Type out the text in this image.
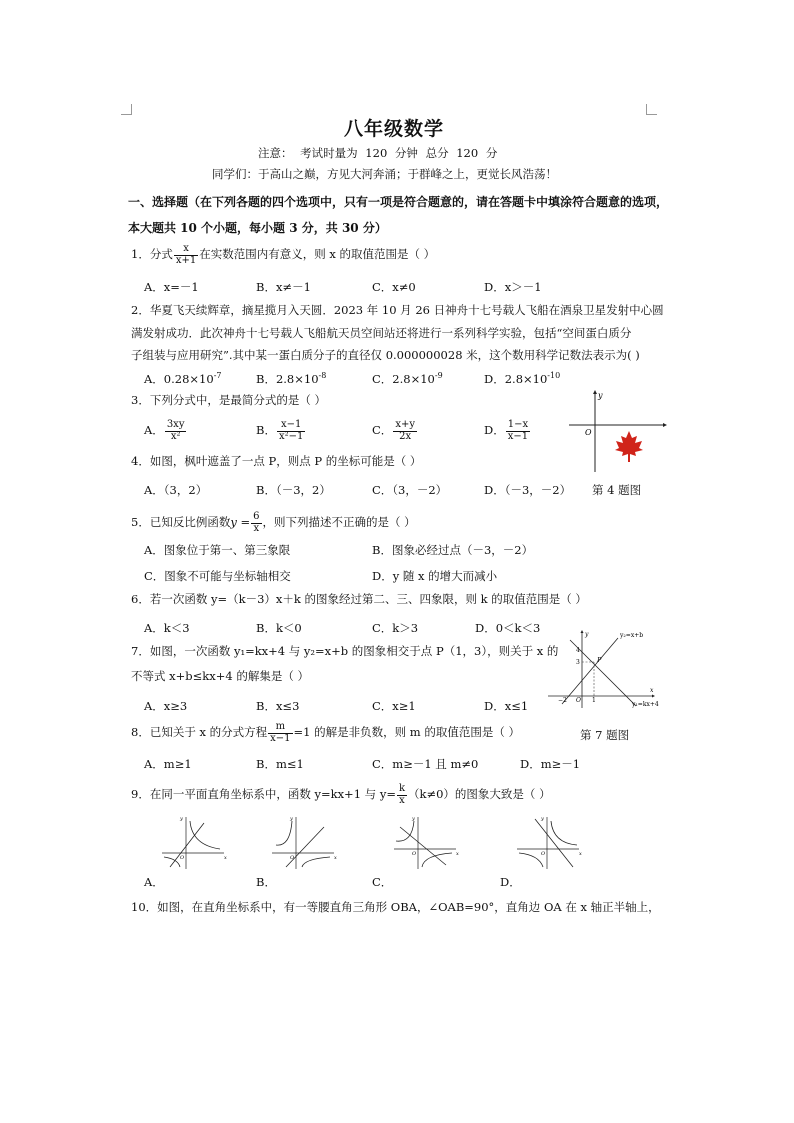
八年级数学
注意： 考试时量为 120 分钟 总分 120 分
同学们：于高山之巅，方见大河奔涌；于群峰之上，更觉长风浩荡！
一、选择题（在下列各题的四个选项中，只有一项是符合题意的，请在答题卡中填涂符合题意的选项，
本大题共 10 个小题，每小题 3 分，共 30 分）
1．分式 $\frac{x}{x+1}$ 在实数范围内有意义，则 x 的取值范围是（ ）
A．x=－1	B．x≠－1	C．x≠0	D．x＞－1
2．华夏飞天续辉章，摘星揽月入天圆．2023 年 10 月 26 日神舟十七号载人飞船在酒泉卫星发射中心圆
满发射成功．此次神舟十七号载人飞船航天员空间站还将进行一系列科学实验，包括“空间蛋白质分
子组装与应用研究”.其中某一蛋白质分子的直径仅 0.000000028 米，这个数用科学记数法表示为( )
A．$0.28\times 10^{-7}$	B．$2.8\times 10^{-8}$	C．$2.8\times 10^{-9}$	D．$2.8\times 10^{-10}$
3．下列分式中，是最简分式的是（ ）
A． $\frac{3xy}{\text{x²}}$	B． $\frac{x-1}{\text{x²−1}}$	C． $\frac{x+y}{2x}$	D． $\frac{1-x}{x-1}$
y
O
4．如图，枫叶遮盖了一点 P，则点 P 的坐标可能是（ ）
A．（3，2）	B．（－3，2）	C．（3，－2）	D．（－3，－2） 第 4 题图
5．已知反比例函数$y = \frac{6}{x}$ ，则下列描述不正确的是（ ）
A．图象位于第一、第三象限	B．图象必经过点（－3，－2）
C．图象不可能与坐标轴相交	D．y 随 x 的增大而减小
6．若一次函数 y=（k－3）x＋k 的图象经过第二、三、四象限，则 k 的取值范围是（ ）
A．k＜3	B．k＜0	C．k＞3	D．0＜k＜3
y₂=x+b
y₁=kx+4
P
4
3
−2 O 1
x
y
7．如图，一次函数 y₁=kx+4 与 y₂=x+b 的图象相交于点 P（1，3），则关于 x 的
不等式 x+b≤kx+4 的解集是（ ）
A．x≥3	B．x≤3	C．x≥1	D．x≤1
8．已知关于 x 的分式方程 $\frac{m}{x-1} =1$ 的解是非负数，则 m 的取值范围是（ ）	第 7 题图
A．m≥1	B．m≤1	C．m≥－1 且 m≠0	D．m≥－1
9．在同一平面直角坐标系中，函数 y=kx+1 与 $y= \frac{k}{x} (k\ne 0)$的图象大致是（ ）
x
y
O	x
y
O
x
y
O	x
y
O
A．	B．	C．	D．
10．如图，在直角坐标系中，有一等腰直角三角形 OBA，∠OAB=90°，直角边 OA 在 x 轴正半轴上，
